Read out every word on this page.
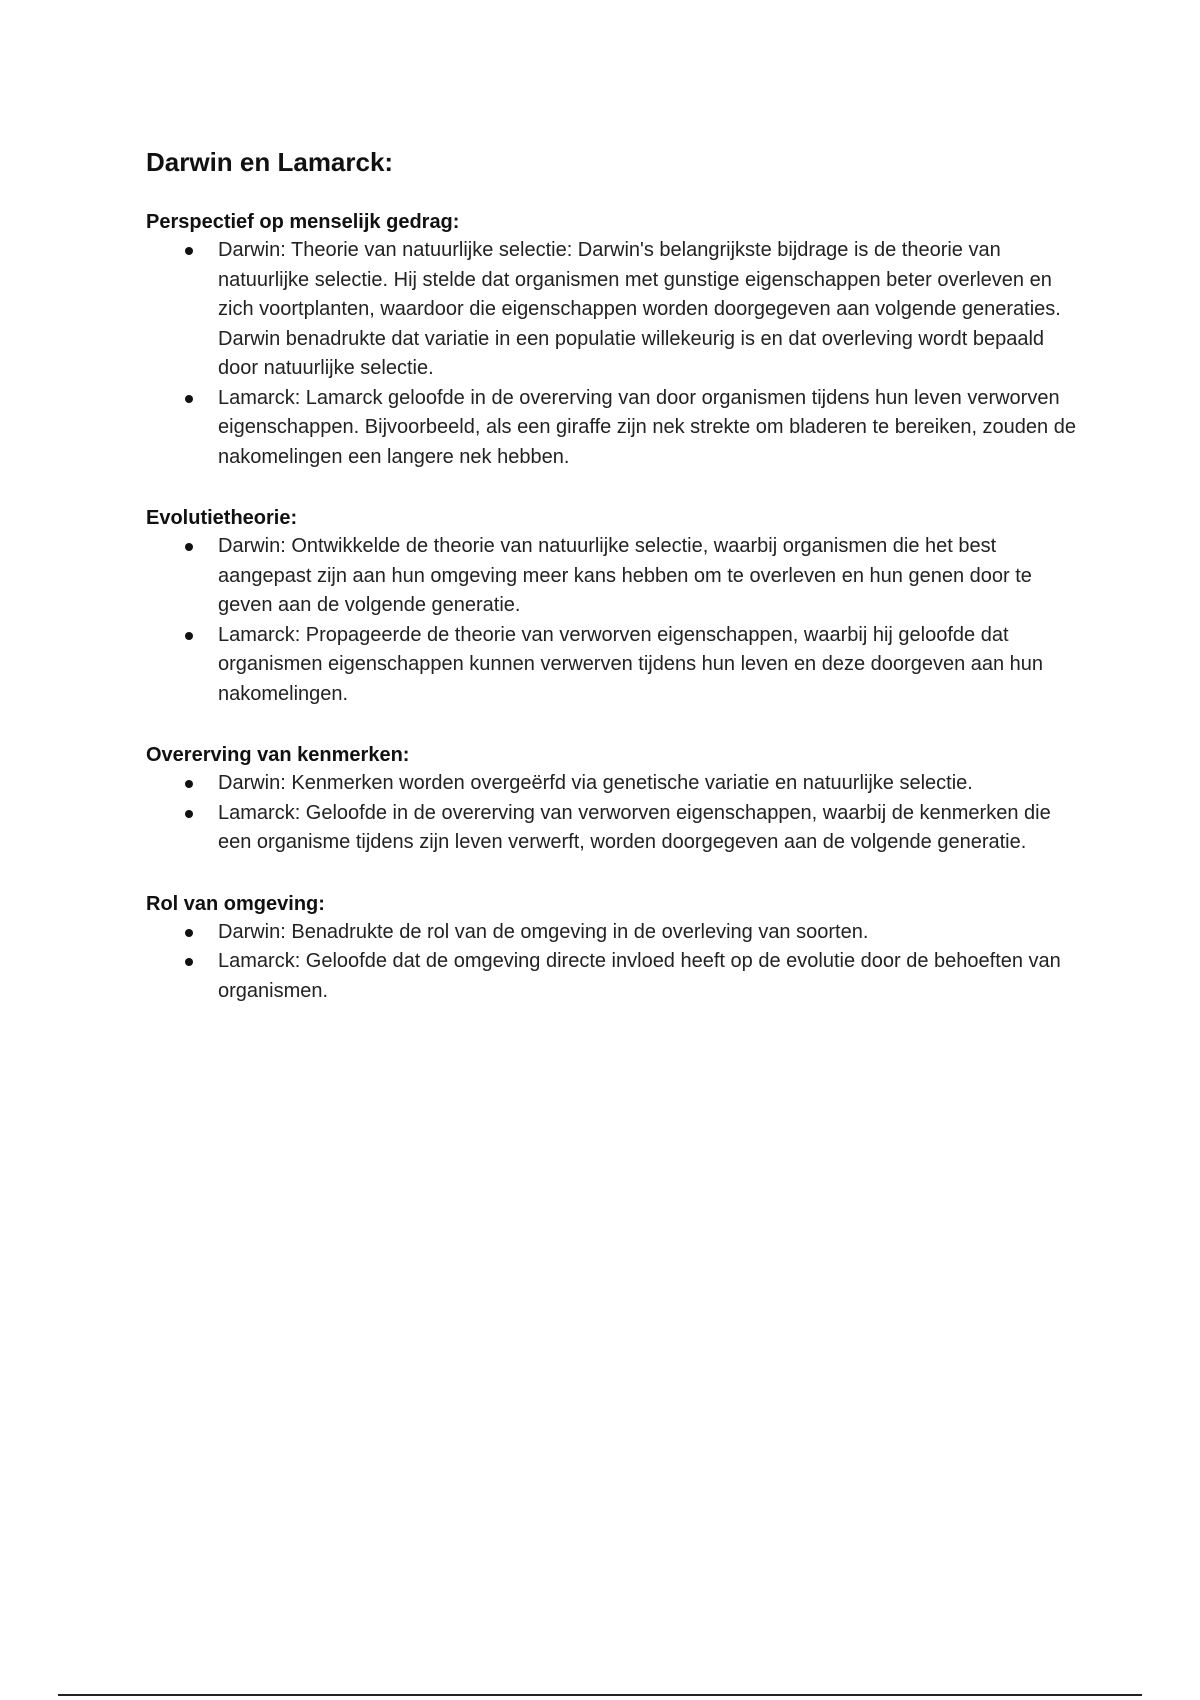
Darwin en Lamarck:
Perspectief op menselijk gedrag:
Darwin: Theorie van natuurlijke selectie: Darwin's belangrijkste bijdrage is de theorie van natuurlijke selectie. Hij stelde dat organismen met gunstige eigenschappen beter overleven en zich voortplanten, waardoor die eigenschappen worden doorgegeven aan volgende generaties. Darwin benadrukte dat variatie in een populatie willekeurig is en dat overleving wordt bepaald door natuurlijke selectie.
Lamarck: Lamarck geloofde in de overerving van door organismen tijdens hun leven verworven eigenschappen. Bijvoorbeeld, als een giraffe zijn nek strekte om bladeren te bereiken, zouden de nakomelingen een langere nek hebben.
Evolutietheorie:
Darwin: Ontwikkelde de theorie van natuurlijke selectie, waarbij organismen die het best aangepast zijn aan hun omgeving meer kans hebben om te overleven en hun genen door te geven aan de volgende generatie.
Lamarck: Propageerde de theorie van verworven eigenschappen, waarbij hij geloofde dat organismen eigenschappen kunnen verwerven tijdens hun leven en deze doorgeven aan hun nakomelingen.
Overerving van kenmerken:
Darwin: Kenmerken worden overgeërfd via genetische variatie en natuurlijke selectie.
Lamarck: Geloofde in de overerving van verworven eigenschappen, waarbij de kenmerken die een organisme tijdens zijn leven verwerft, worden doorgegeven aan de volgende generatie.
Rol van omgeving:
Darwin: Benadrukte de rol van de omgeving in de overleving van soorten.
Lamarck: Geloofde dat de omgeving directe invloed heeft op de evolutie door de behoeften van organismen.
